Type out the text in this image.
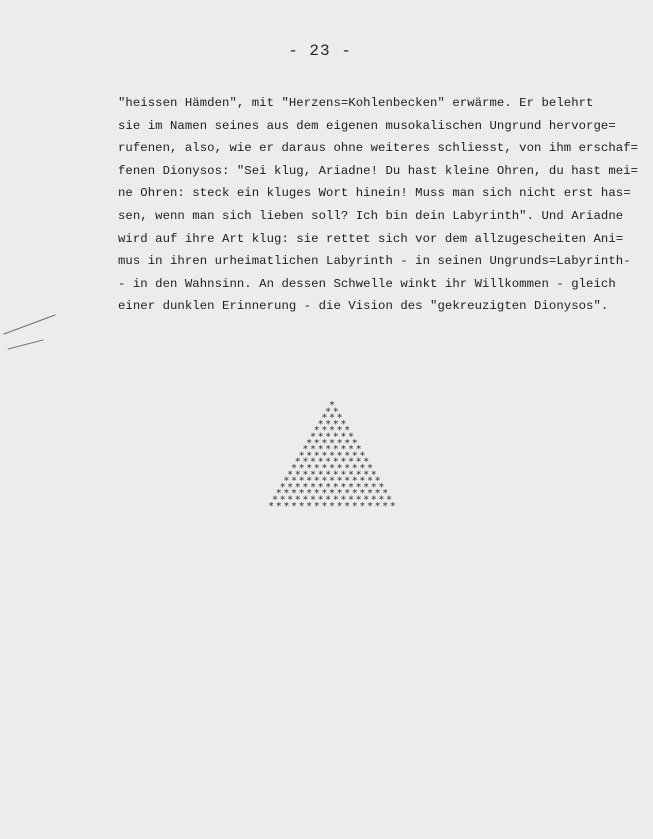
- 23 -
"heissen Hämden", mit "Herzens=Kohlenbecken" erwärme. Er belehrt
sie im Namen seines aus dem eigenen musokalischen Ungrund hervorge=
rufenen, also, wie er daraus ohne weiteres schliesst, von ihm erschaf=
fenen Dionysos: "Sei klug, Ariadne! Du hast kleine Ohren, du hast mei=
ne Ohren: steck ein kluges Wort hinein! Muss man sich nicht erst has=
sen, wenn man sich lieben soll? Ich bin dein Labyrinth". Und Ariadne
wird auf ihre Art klug: sie rettet sich vor dem allzugescheiten Ani=
mus in ihren urheimatlichen Labyrinth - in seinen Ungrunds=Labyrinth-
- in den Wahnsinn. An dessen Schwelle winkt ihr Willkommen - gleich
einer dunklen Erinnerung - die Vision des "gekreuzigten Dionysos".
*
* *
* * *
* * * *
* * * * *
* * * * * *
* * * * * * *
* * * * * * * *
* * * * * * * * *
* * * * * * * * * *
* * * * * * * * * * *
* * * * * * * * * * * *
* * * * * * * * * * * * *
* * * * * * * * * * * * * *
* * * * * * * * * * * * * * *
* * * * * * * * * * * * * * * *
* * * * * * * * * * * * * * * * *
